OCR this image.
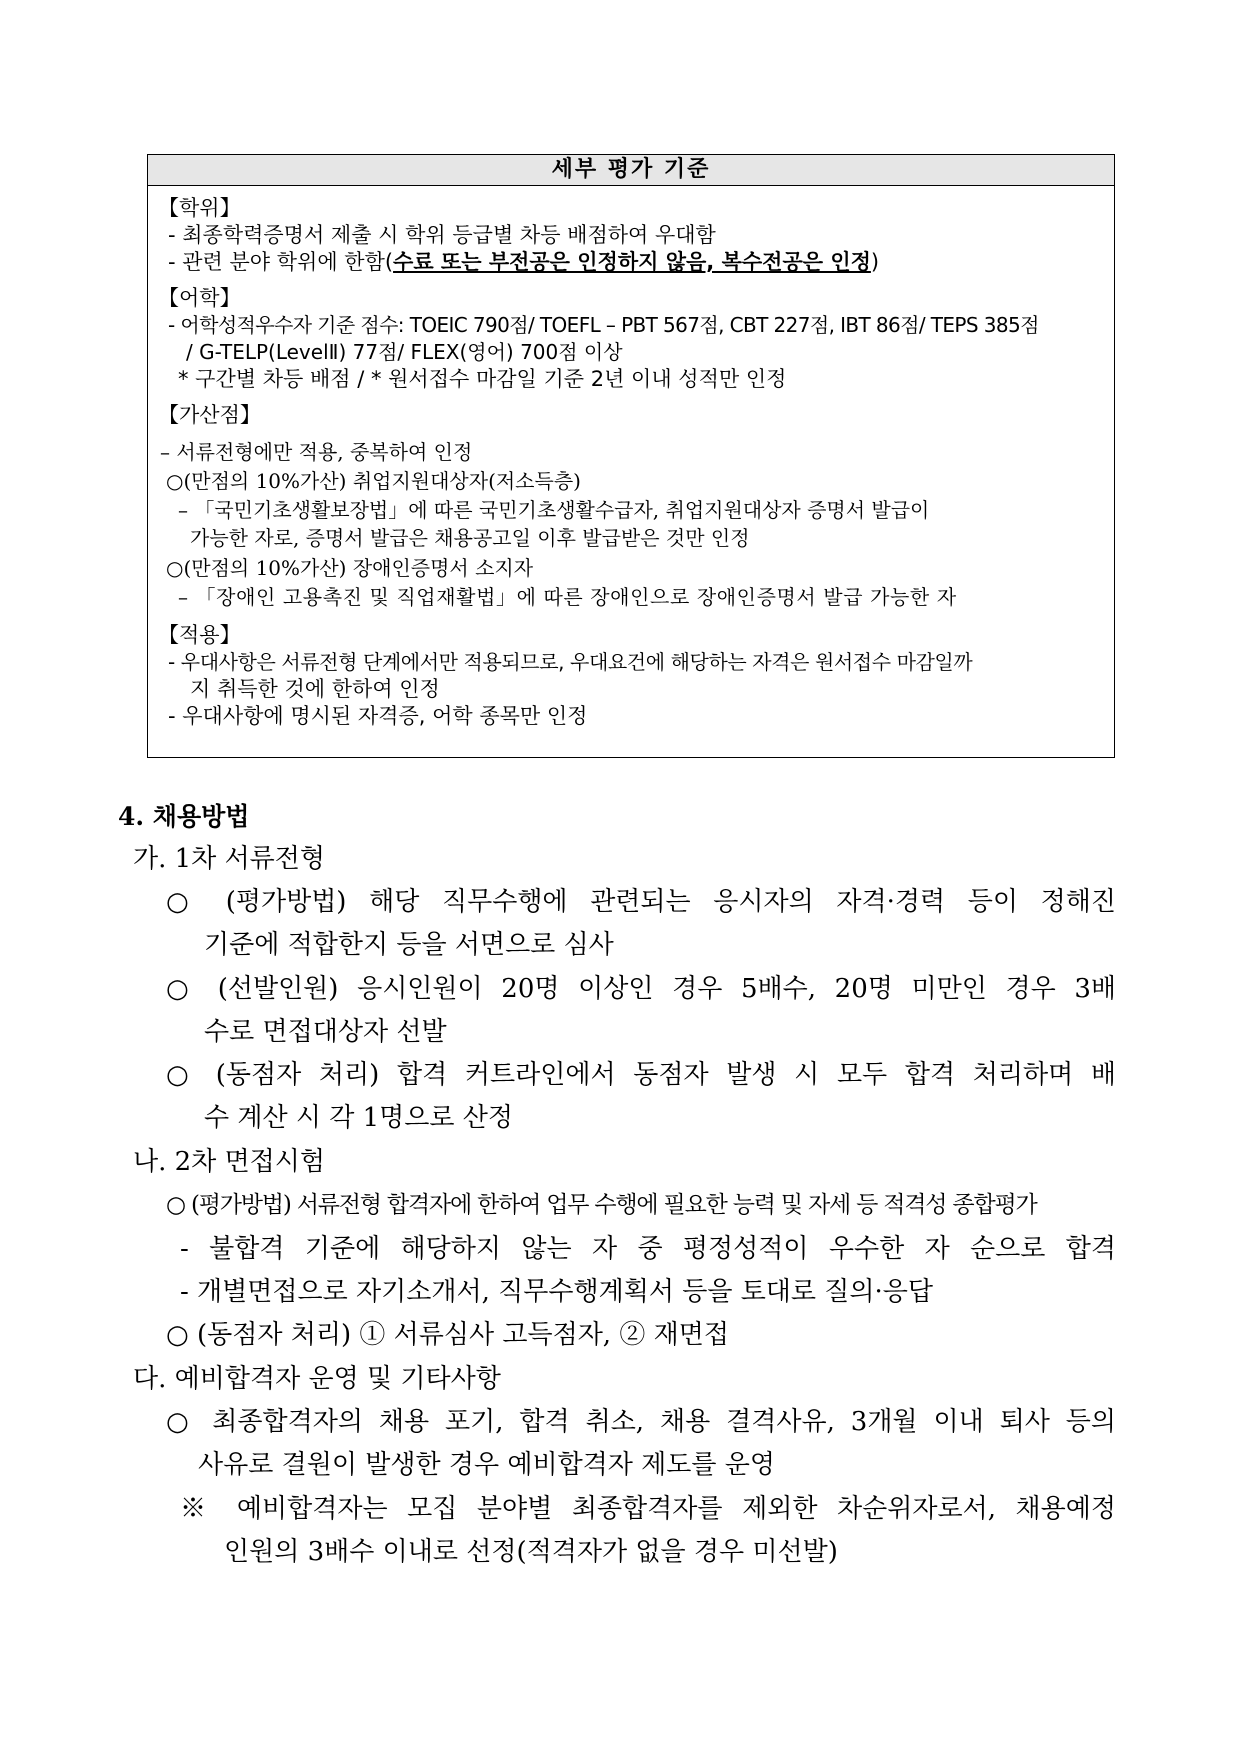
세부 평가 기준
【학위】
- 최종학력증명서 제출 시 학위 등급별 차등 배점하여 우대함
- 관련 분야 학위에 한함(수료 또는 부전공은 인정하지 않음, 복수전공은 인정)
【어학】
- 어학성적우수자 기준 점수: TOEIC 790점/ TOEFL – PBT 567점, CBT 227점, IBT 86점/ TEPS 385점
/ G-TELP(LevelⅡ) 77점/ FLEX(영어) 700점 이상
* 구간별 차등 배점 / * 원서접수 마감일 기준 2년 이내 성적만 인정
【가산점】
– 서류전형에만 적용, 중복하여 인정
○(만점의 10%가산) 취업지원대상자(저소득층)
– 「국민기초생활보장법」에 따른 국민기초생활수급자, 취업지원대상자 증명서 발급이
가능한 자로, 증명서 발급은 채용공고일 이후 발급받은 것만 인정
○(만점의 10%가산) 장애인증명서 소지자
– 「장애인 고용촉진 및 직업재활법」에 따른 장애인으로 장애인증명서 발급 가능한 자
【적용】
- 우대사항은 서류전형 단계에서만 적용되므로, 우대요건에 해당하는 자격은 원서접수 마감일까
지 취득한 것에 한하여 인정
- 우대사항에 명시된 자격증, 어학 종목만 인정
4. 채용방법
가. 1차 서류전형
○ (평가방법) 해당 직무수행에 관련되는 응시자의 자격·경력 등이 정해진
기준에 적합한지 등을 서면으로 심사
○ (선발인원) 응시인원이 20명 이상인 경우 5배수, 20명 미만인 경우 3배
수로 면접대상자 선발
○ (동점자 처리) 합격 커트라인에서 동점자 발생 시 모두 합격 처리하며 배
수 계산 시 각 1명으로 산정
나. 2차 면접시험
○ (평가방법) 서류전형 합격자에 한하여 업무 수행에 필요한 능력 및 자세 등 적격성 종합평가
- 불합격 기준에 해당하지 않는 자 중 평정성적이 우수한 자 순으로 합격
- 개별면접으로 자기소개서, 직무수행계획서 등을 토대로 질의·응답
○ (동점자 처리) ① 서류심사 고득점자, ② 재면접
다. 예비합격자 운영 및 기타사항
○ 최종합격자의 채용 포기, 합격 취소, 채용 결격사유, 3개월 이내 퇴사 등의
사유로 결원이 발생한 경우 예비합격자 제도를 운영
※ 예비합격자는 모집 분야별 최종합격자를 제외한 차순위자로서, 채용예정
인원의 3배수 이내로 선정(적격자가 없을 경우 미선발)
